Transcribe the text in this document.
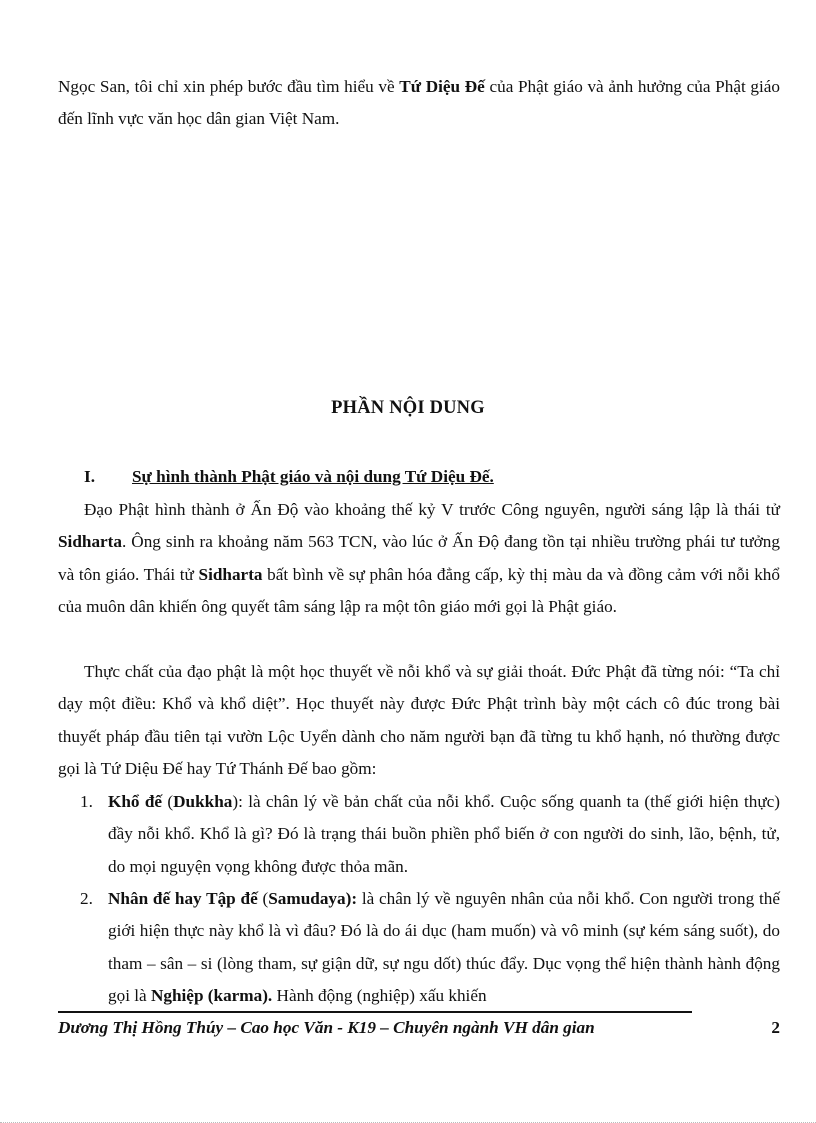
Ngọc San, tôi chỉ xin phép bước đầu tìm hiểu về Tứ Diệu Đế của Phật giáo và ảnh hưởng của Phật giáo đến lĩnh vực văn học dân gian Việt Nam.

PHẦN NỘI DUNG
I. Sự hình thành Phật giáo và nội dung Tứ Diệu Đế.

Đạo Phật hình thành ở Ấn Độ vào khoảng thế kỷ V trước Công nguyên, người sáng lập là thái tử Sidharta. Ông sinh ra khoảng năm 563 TCN, vào lúc ở Ấn Độ đang tồn tại nhiều trường phái tư tưởng và tôn giáo. Thái tử Sidharta bất bình về sự phân hóa đẳng cấp, kỳ thị màu da và đồng cảm với nỗi khổ của muôn dân khiến ông quyết tâm sáng lập ra một tôn giáo mới gọi là Phật giáo.

Thực chất của đạo phật là một học thuyết về nỗi khổ và sự giải thoát. Đức Phật đã từng nói: “Ta chỉ dạy một điều: Khổ và khổ diệt”. Học thuyết này được Đức Phật trình bày một cách cô đúc trong bài thuyết pháp đầu tiên tại vườn Lộc Uyển dành cho năm người bạn đã từng tu khổ hạnh, nó thường được gọi là Tứ Diệu Đế hay Tứ Thánh Đế bao gồm:

1. Khổ đế (Dukkha): là chân lý về bản chất của nỗi khổ. Cuộc sống quanh ta (thế giới hiện thực) đầy nỗi khổ. Khổ là gì? Đó là trạng thái buồn phiền phổ biến ở con người do sinh, lão, bệnh, tử, do mọi nguyện vọng không được thỏa mãn.
2. Nhân đế hay Tập đế (Samudaya): là chân lý về nguyên nhân của nỗi khổ. Con người trong thế giới hiện thực này khổ là vì đâu? Đó là do ái dục (ham muốn) và vô minh (sự kém sáng suốt), do tham – sân – si (lòng tham, sự giận dữ, sự ngu dốt) thúc đẩy. Dục vọng thể hiện thành hành động gọi là Nghiệp (karma). Hành động (nghiệp) xấu khiến
Dương Thị Hồng Thúy – Cao học Văn - K19 – Chuyên ngành VH dân gian	2
